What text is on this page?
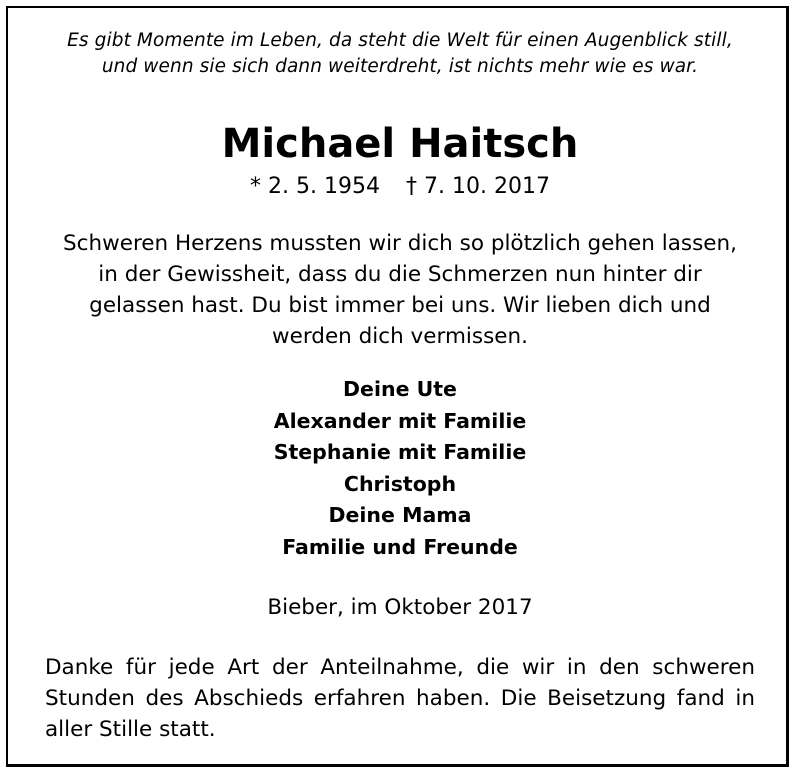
Es gibt Momente im Leben, da steht die Welt für einen Augenblick still,
und wenn sie sich dann weiterdreht, ist nichts mehr wie es war.
Michael Haitsch
* 2. 5. 1954 † 7. 10. 2017
Schweren Herzens mussten wir dich so plötzlich gehen lassen,
in der Gewissheit, dass du die Schmerzen nun hinter dir
gelassen hast. Du bist immer bei uns. Wir lieben dich und
werden dich vermissen.
Deine Ute
Alexander mit Familie
Stephanie mit Familie
Christoph
Deine Mama
Familie und Freunde
Bieber, im Oktober 2017
Danke für jede Art der Anteilnahme, die wir in den schweren
Stunden des Abschieds erfahren haben. Die Beisetzung fand in
aller Stille statt.
